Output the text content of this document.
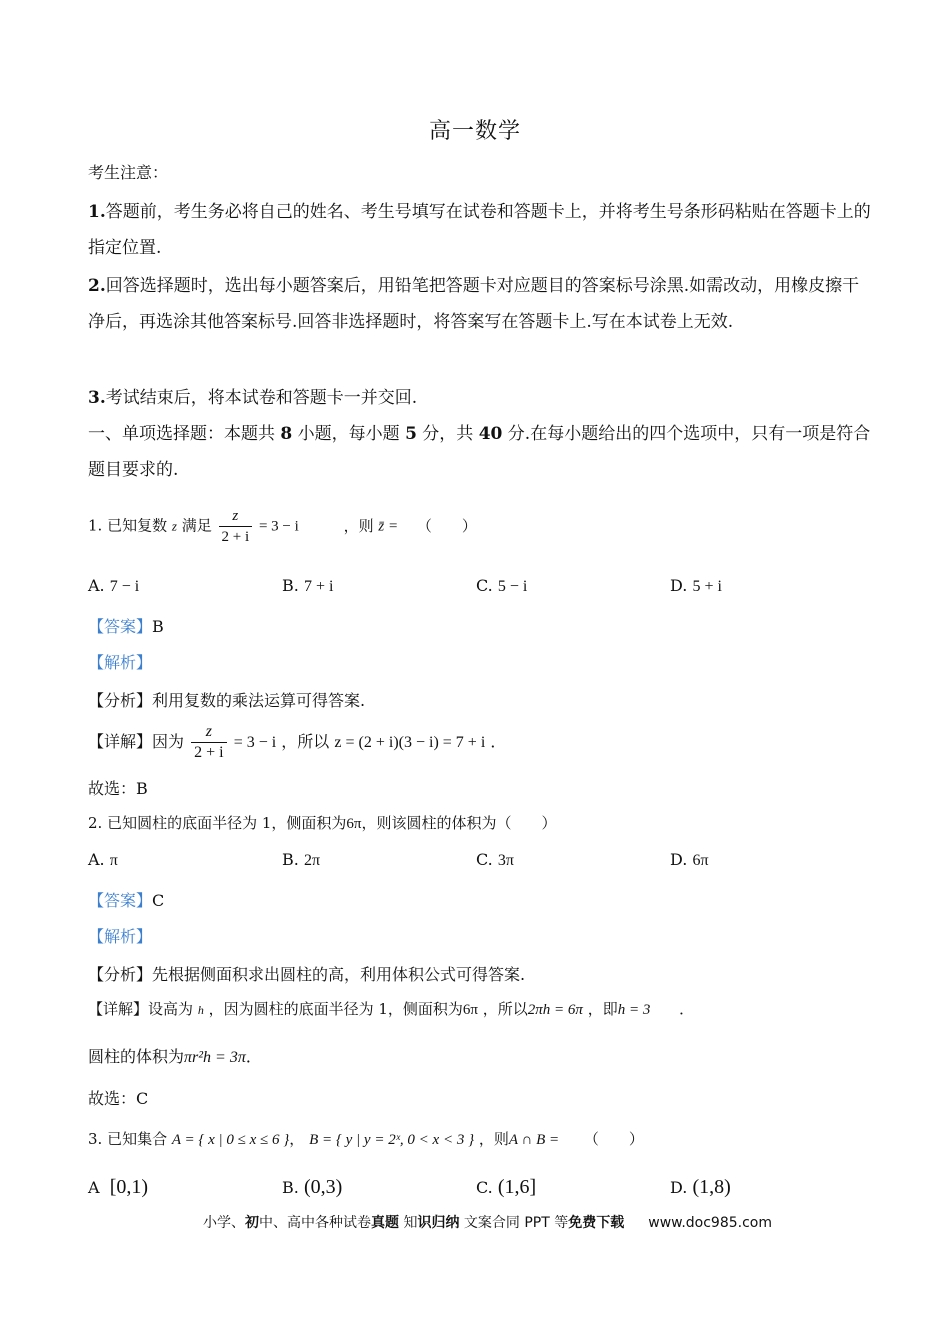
高一数学
考生注意：
1.答题前，考生务必将自己的姓名、考生号填写在试卷和答题卡上，并将考生号条形码粘贴在答题卡上的指定位置.
2.回答选择题时，选出每小题答案后，用铅笔把答题卡对应题目的答案标号涂黑.如需改动，用橡皮擦干净后，再选涂其他答案标号.回答非选择题时，将答案写在答题卡上.写在本试卷上无效.
3.考试结束后，将本试卷和答题卡一并交回.
一、单项选择题：本题共 8 小题，每小题 5 分，共 40 分.在每小题给出的四个选项中，只有一项是符合题目要求的.
1. 已知复数 z 满足 $\frac{z}{2 + i} = 3 - i$	，则 z̄ = （　　）
A. 7 − i	B. 7 + i	C. 5 − i	D. 5 + i
【答案】B
【解析】
【分析】利用复数的乘法运算可得答案.
【详解】因为 $\frac{z}{2 + i} = 3 - i$ ，所以 z = (2 + i)(3 − i) = 7 + i ．
故选：B
2. 已知圆柱的底面半径为 1，侧面积为6π，则该圆柱的体积为（　　）
A. π	B. 2π	C. 3π	D. 6π
【答案】C
【解析】
【分析】先根据侧面积求出圆柱的高，利用体积公式可得答案.
【详解】设高为 h ，因为圆柱的底面半径为 1，侧面积为6π ，所以2πh = 6π ，即h = 3 ．
圆柱的体积为πr²h = 3π．
故选：C
3. 已知集合 A = { x | 0 ≤ x ≤ 6 }， B = { y | y = 2ˣ, 0 < x < 3 } ，则A ∩ B = （　　）
A [0,1)	B. (0,3)	C. (1,6]	D. (1,8)
小学、初中、高中各种试卷真题 知识归纳 文案合同 PPT 等免费下载 www.doc985.com
